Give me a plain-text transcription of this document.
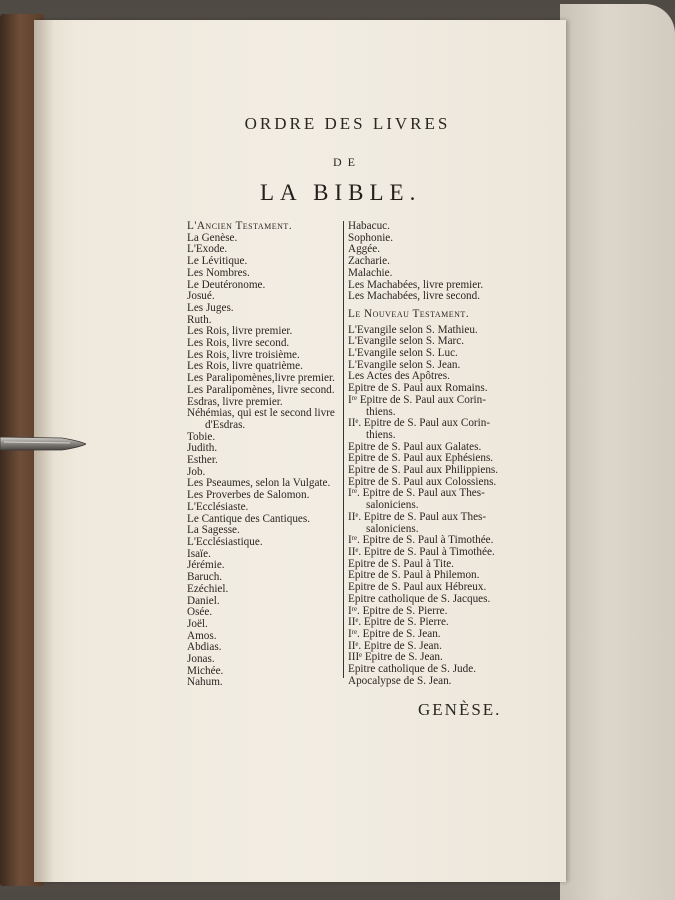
ORDRE DES LIVRES
DE
LA BIBLE.
L'Ancien Testament.
La Genèse.
L'Exode.
Le Lévitique.
Les Nombres.
Le Deutéronome.
Josué.
Les Juges.
Ruth.
Les Rois, livre premier.
Les Rois, livre second.
Les Rois, livre troisième.
Les Rois, livre quatrième.
Les Paralipomènes,livre premier.
Les Paralipomènes, livre second.
Esdras, livre premier.
Néhémias, qui est le second livre
d'Esdras.
Tobie.
Judith.
Esther.
Job.
Les Pseaumes, selon la Vulgate.
Les Proverbes de Salomon.
L'Ecclésiaste.
Le Cantique des Cantiques.
La Sagesse.
L'Ecclésiastique.
Isaïe.
Jérémie.
Baruch.
Ezéchiel.
Daniel.
Osée.
Joël.
Amos.
Abdias.
Jonas.
Michée.
Nahum.
Habacuc.
Sophonie.
Aggée.
Zacharie.
Malachie.
Les Machabées, livre premier.
Les Machabées, livre second.
Le Nouveau Testament.
L'Evangile selon S. Mathieu.
L'Evangile selon S. Marc.
L'Evangile selon S. Luc.
L'Evangile selon S. Jean.
Les Actes des Apôtres.
Epitre de S. Paul aux Romains.
Iʳᵉ Epitre de S. Paul aux Corin-
thiens.
IIᵉ. Epitre de S. Paul aux Corin-
thiens.
Epitre de S. Paul aux Galates.
Epitre de S. Paul aux Ephésiens.
Epitre de S. Paul aux Philippiens.
Epitre de S. Paul aux Colossiens.
Iʳᵉ. Epitre de S. Paul aux Thes-
saloniciens.
IIᵉ. Epitre de S. Paul aux Thes-
saloniciens.
Iʳᵉ. Epitre de S. Paul à Timothée.
IIᵉ. Epitre de S. Paul à Timothée.
Epitre de S. Paul à Tite.
Epitre de S. Paul à Philemon.
Epitre de S. Paul aux Hébreux.
Epitre catholique de S. Jacques.
Iʳᵉ. Epitre de S. Pierre.
IIᵉ. Epitre de S. Pierre.
Iʳᵉ. Epitre de S. Jean.
IIᵉ. Epitre de S. Jean.
IIIᵉ Epitre de S. Jean.
Epitre catholique de S. Jude.
Apocalypse de S. Jean.
GENÈSE.
